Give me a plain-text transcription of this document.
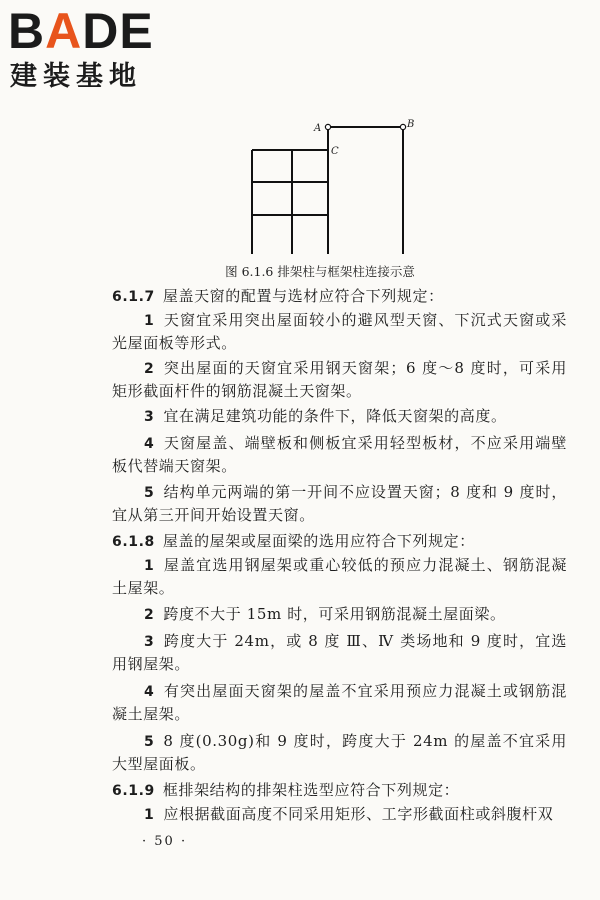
BADE
建装基地
A	B
C
图 6.1.6 排架柱与框架柱连接示意

6.1.7 屋盖天窗的配置与选材应符合下列规定：

1 天窗宜采用突出屋面较小的避风型天窗、下沉式天窗或采光屋面板等形式。

2 突出屋面的天窗宜采用钢天窗架；6 度～8 度时，可采用矩形截面杆件的钢筋混凝土天窗架。

3 宜在满足建筑功能的条件下，降低天窗架的高度。

4 天窗屋盖、端壁板和侧板宜采用轻型板材，不应采用端壁板代替端天窗架。

5 结构单元两端的第一开间不应设置天窗；8 度和 9 度时，宜从第三开间开始设置天窗。

6.1.8 屋盖的屋架或屋面梁的选用应符合下列规定：

1 屋盖宜选用钢屋架或重心较低的预应力混凝土、钢筋混凝土屋架。

2 跨度不大于 15m 时，可采用钢筋混凝土屋面梁。

3 跨度大于 24m，或 8 度 Ⅲ、Ⅳ 类场地和 9 度时，宜选用钢屋架。

4 有突出屋面天窗架的屋盖不宜采用预应力混凝土或钢筋混凝土屋架。

5 8 度(0.30g)和 9 度时，跨度大于 24m 的屋盖不宜采用大型屋面板。

6.1.9 框排架结构的排架柱选型应符合下列规定：

1 应根据截面高度不同采用矩形、工字形截面柱或斜腹杆双

· 50 ·
